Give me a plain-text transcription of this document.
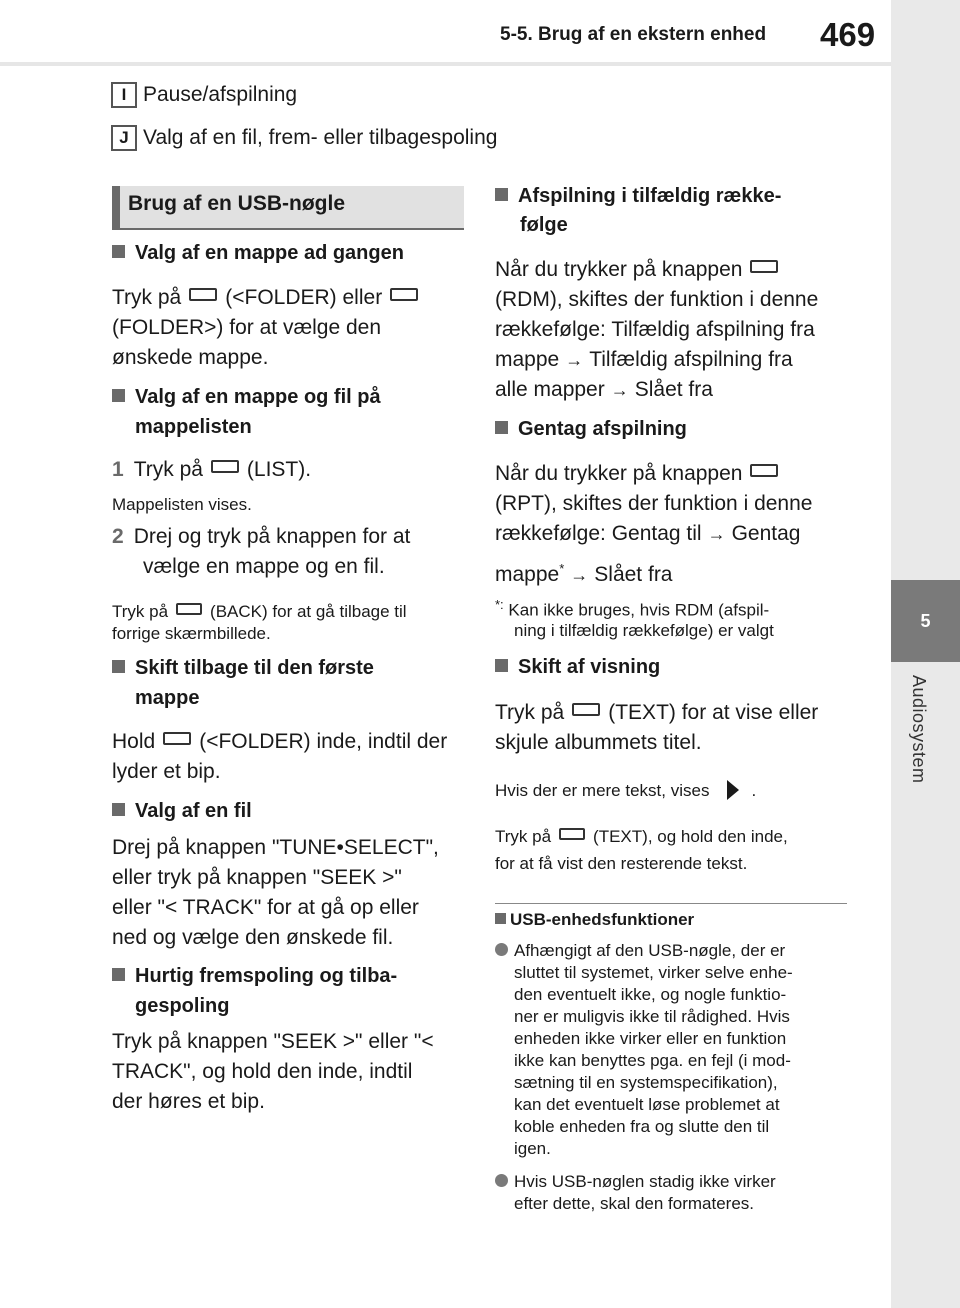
5-5. Brug af en ekstern enhed 469
5
Audiosystem
I Pause/afspilning
J Valg af en fil, frem- eller tilbagespoling
Brug af en USB-nøgle
Valg af en mappe ad gangen
Tryk på (<FOLDER) eller
(FOLDER>) for at vælge den
ønskede mappe.
Valg af en mappe og fil på
mappelisten
1 Tryk på (LIST).
Mappelisten vises.
2 Drej og tryk på knappen for at
vælge en mappe og en fil.
Tryk på (BACK) for at gå tilbage til
forrige skærmbillede.
Skift tilbage til den første
mappe
Hold (<FOLDER) inde, indtil der
lyder et bip.
Valg af en fil
Drej på knappen "TUNE•SELECT",
eller tryk på knappen "SEEK >"
eller "< TRACK" for at gå op eller
ned og vælge den ønskede fil.
Hurtig fremspoling og tilba-
gespoling
Tryk på knappen "SEEK >" eller "<
TRACK", og hold den inde, indtil
der høres et bip.
Afspilning i tilfældig række-
følge
Når du trykker på knappen
(RDM), skiftes der funktion i denne
rækkefølge: Tilfældig afspilning fra
mappe → Tilfældig afspilning fra
alle mapper → Slået fra
Gentag afspilning
Når du trykker på knappen
(RPT), skiftes der funktion i denne
rækkefølge: Gentag til → Gentag
mappe* → Slået fra
*: Kan ikke bruges, hvis RDM (afspil-
ning i tilfældig rækkefølge) er valgt
Skift af visning
Tryk på (TEXT) for at vise eller
skjule albummets titel.
Hvis der er mere tekst, vises .
Tryk på (TEXT), og hold den inde,
for at få vist den resterende tekst.
USB-enhedsfunktioner
Afhængigt af den USB-nøgle, der er
sluttet til systemet, virker selve enhe-
den eventuelt ikke, og nogle funktio-
ner er muligvis ikke til rådighed. Hvis
enheden ikke virker eller en funktion
ikke kan benyttes pga. en fejl (i mod-
sætning til en systemspecifikation),
kan det eventuelt løse problemet at
koble enheden fra og slutte den til
igen.
Hvis USB-nøglen stadig ikke virker
efter dette, skal den formateres.
